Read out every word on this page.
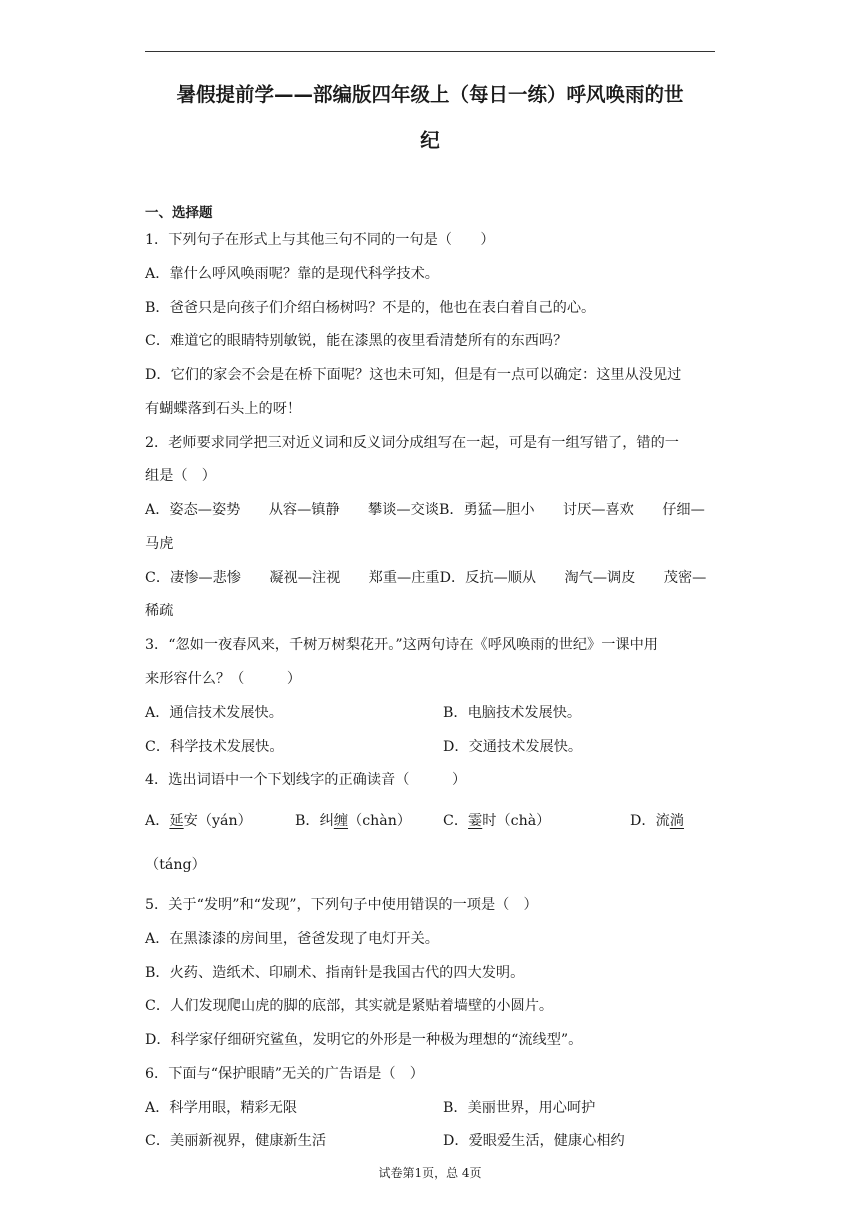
暑假提前学——部编版四年级上（每日一练）呼风唤雨的世
纪
一、选择题
1．下列句子在形式上与其他三句不同的一句是（　　）
A．靠什么呼风唤雨呢？靠的是现代科学技术。
B．爸爸只是向孩子们介绍白杨树吗？不是的，他也在表白着自己的心。
C．难道它的眼睛特别敏锐，能在漆黑的夜里看清楚所有的东西吗？
D．它们的家会不会是在桥下面呢？这也未可知，但是有一点可以确定：这里从没见过
有蝴蝶落到石头上的呀！
2．老师要求同学把三对近义词和反义词分成组写在一起，可是有一组写错了，错的一
组是（　）
A．姿态—姿势　　从容—镇静　　攀谈—交谈B．勇猛—胆小　　讨厌—喜欢　　仔细—
马虎
C．凄惨—悲惨　　凝视—注视　　郑重—庄重D．反抗—顺从　　淘气—调皮　　茂密—
稀疏
3．“忽如一夜春风来，千树万树梨花开。”这两句诗在《呼风唤雨的世纪》一课中用
来形容什么？（　　　）
A．通信技术发展快。	B．电脑技术发展快。
C．科学技术发展快。	D．交通技术发展快。
4．选出词语中一个下划线字的正确读音（　　　）
A．延安（yán）	B．纠缠（chàn） C．霎时（chà）	D．流淌
（táng）
5．关于“发明”和“发现”，下列句子中使用错误的一项是（　）
A．在黑漆漆的房间里，爸爸发现了电灯开关。
B．火药、造纸术、印刷术、指南针是我国古代的四大发明。
C．人们发现爬山虎的脚的底部，其实就是紧贴着墙壁的小圆片。
D．科学家仔细研究鲨鱼，发明它的外形是一种极为理想的“流线型”。
6．下面与“保护眼睛”无关的广告语是（　）
A．科学用眼，精彩无限	B．美丽世界，用心呵护
C．美丽新视界，健康新生活	D．爱眼爱生活，健康心相约
试卷第1页，总 4页
